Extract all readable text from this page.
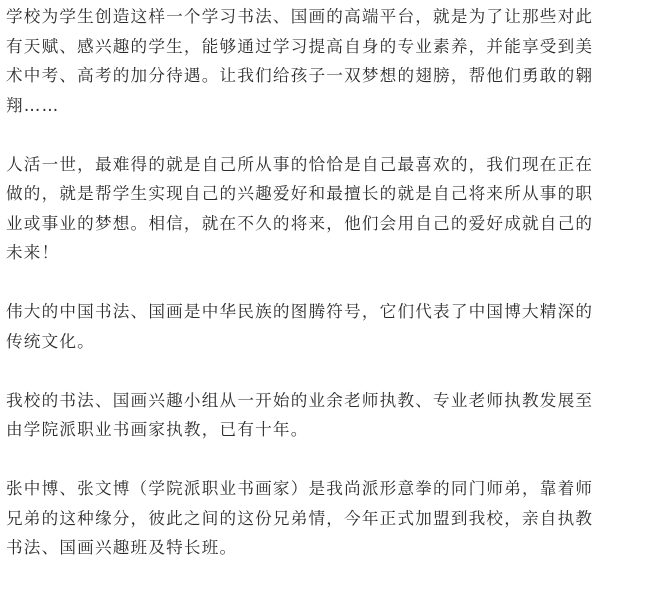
学校为学生创造这样一个学习书法、国画的高端平台，就是为了让那些对此
有天赋、感兴趣的学生，能够通过学习提高自身的专业素养，并能享受到美
术中考、高考的加分待遇。让我们给孩子一双梦想的翅膀，帮他们勇敢的翱
翔……

人活一世，最难得的就是自己所从事的恰恰是自己最喜欢的，我们现在正在
做的，就是帮学生实现自己的兴趣爱好和最擅长的就是自己将来所从事的职
业或事业的梦想。相信，就在不久的将来，他们会用自己的爱好成就自己的
未来！

伟大的中国书法、国画是中华民族的图腾符号，它们代表了中国博大精深的
传统文化。

我校的书法、国画兴趣小组从一开始的业余老师执教、专业老师执教发展至
由学院派职业书画家执教，已有十年。

张中博、张文博（学院派职业书画家）是我尚派形意拳的同门师弟，靠着师
兄弟的这种缘分，彼此之间的这份兄弟情，今年正式加盟到我校，亲自执教
书法、国画兴趣班及特长班。
